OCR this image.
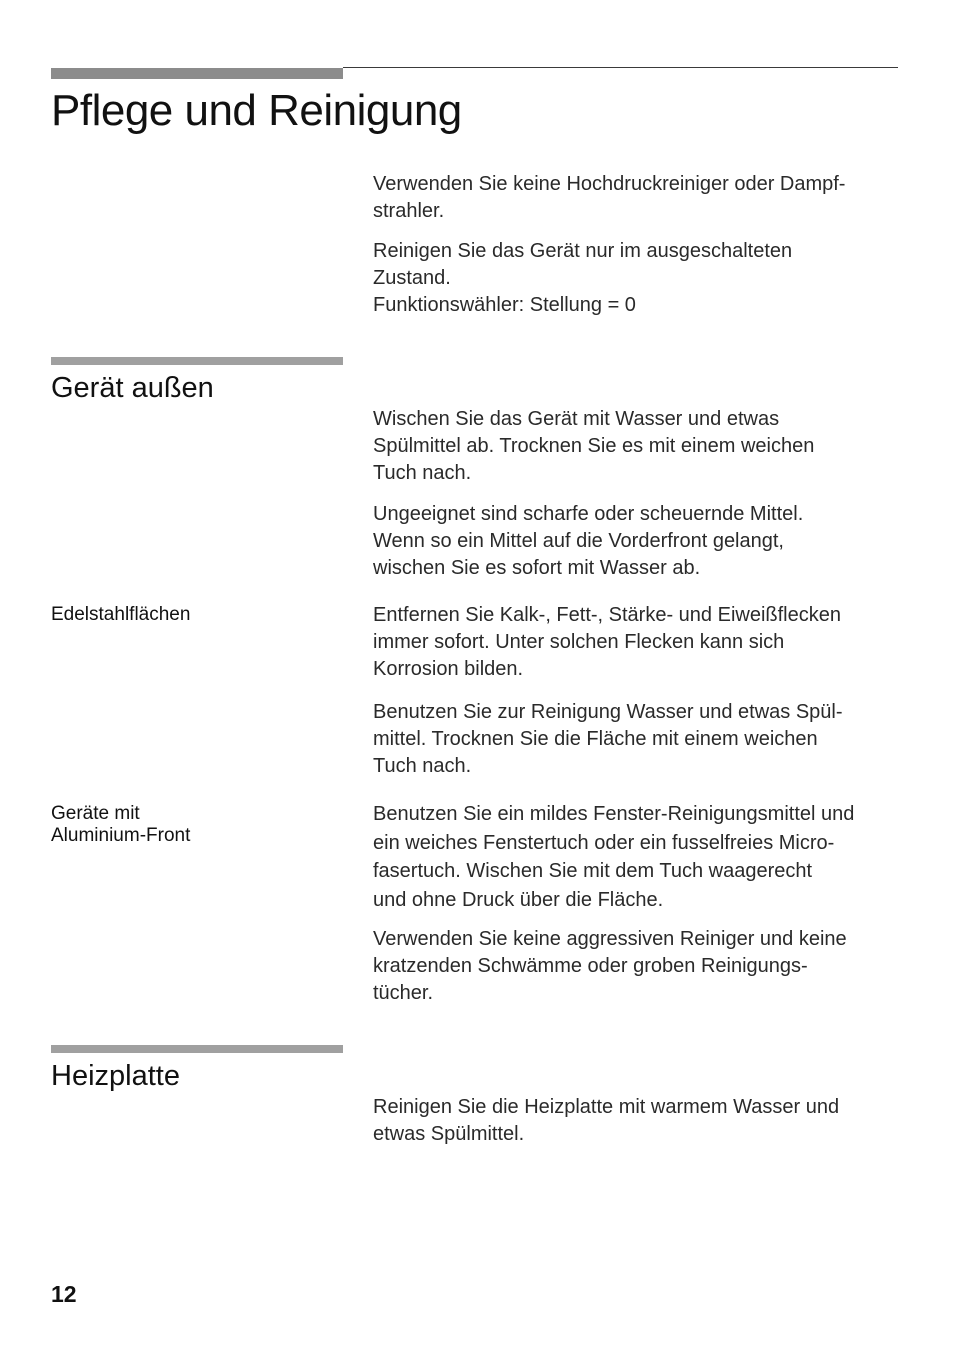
Pflege und Reinigung

Verwenden Sie keine Hochdruckreiniger oder Dampf-
strahler.

Reinigen Sie das Gerät nur im ausgeschalteten
Zustand.
Funktionswähler: Stellung = 0

Gerät außen

Wischen Sie das Gerät mit Wasser und etwas
Spülmittel ab. Trocknen Sie es mit einem weichen
Tuch nach.

Ungeeignet sind scharfe oder scheuernde Mittel.
Wenn so ein Mittel auf die Vorderfront gelangt,
wischen Sie es sofort mit Wasser ab.

Edelstahlflächen	Entfernen Sie Kalk-, Fett-, Stärke- und Eiweißflecken
immer sofort. Unter solchen Flecken kann sich
Korrosion bilden.

Benutzen Sie zur Reinigung Wasser und etwas Spül-
mittel. Trocknen Sie die Fläche mit einem weichen
Tuch nach.

Geräte mit
Aluminium-Front

Benutzen Sie ein mildes Fenster-Reinigungsmittel und
ein weiches Fenstertuch oder ein fusselfreies Micro-
fasertuch. Wischen Sie mit dem Tuch waagerecht
und ohne Druck über die Fläche.

Verwenden Sie keine aggressiven Reiniger und keine
kratzenden Schwämme oder groben Reinigungs-
tücher.

Heizplatte

Reinigen Sie die Heizplatte mit warmem Wasser und
etwas Spülmittel.

12
